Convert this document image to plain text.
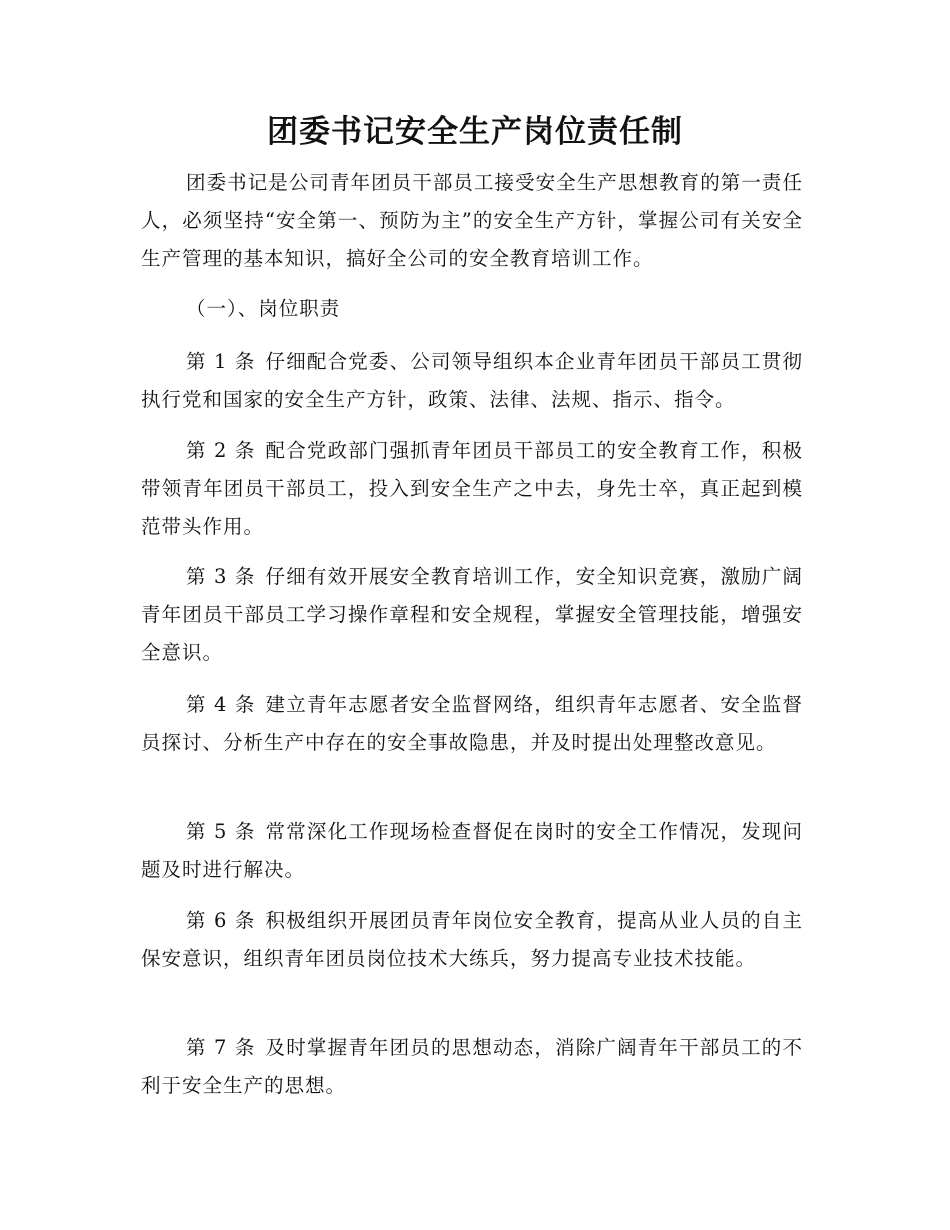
团委书记安全生产岗位责任制

团委书记是公司青年团员干部员工接受安全生产思想教育的第一责任人，必须坚持“安全第一、预防为主”的安全生产方针，掌握公司有关安全生产管理的基本知识，搞好全公司的安全教育培训工作。

（一）、岗位职责

第 1 条 仔细配合党委、公司领导组织本企业青年团员干部员工贯彻执行党和国家的安全生产方针，政策、法律、法规、指示、指令。

第 2 条 配合党政部门强抓青年团员干部员工的安全教育工作，积极带领青年团员干部员工，投入到安全生产之中去，身先士卒，真正起到模范带头作用。

第 3 条 仔细有效开展安全教育培训工作，安全知识竞赛，激励广阔青年团员干部员工学习操作章程和安全规程，掌握安全管理技能，增强安全意识。

第 4 条 建立青年志愿者安全监督网络，组织青年志愿者、安全监督员探讨、分析生产中存在的安全事故隐患，并及时提出处理整改意见。

第 5 条 常常深化工作现场检查督促在岗时的安全工作情况，发现问题及时进行解决。

第 6 条 积极组织开展团员青年岗位安全教育，提高从业人员的自主保安意识，组织青年团员岗位技术大练兵，努力提高专业技术技能。

第 7 条 及时掌握青年团员的思想动态，消除广阔青年干部员工的不利于安全生产的思想。
